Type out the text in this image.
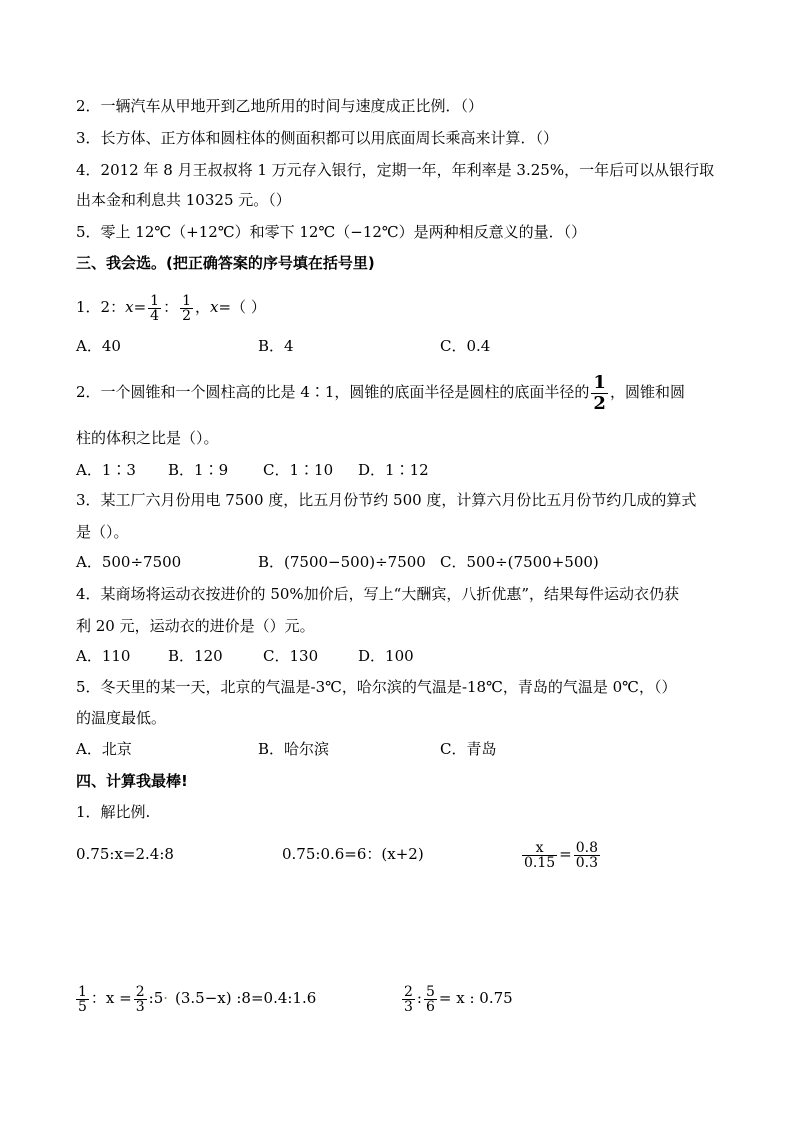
2．一辆汽车从甲地开到乙地所用的时间与速度成正比例．（）
3．长方体、正方体和圆柱体的侧面积都可以用底面周长乘高来计算．（）
4．2012 年 8 月王叔叔将 1 万元存入银行，定期一年，年利率是 3.25%，一年后可以从银行取
出本金和利息共 10325 元。（）
5．零上 12℃（+12℃）和零下 12℃（−12℃）是两种相反意义的量．（）
三、我会选。(把正确答案的序号填在括号里)
1．2：$x= \frac{1}{4}$ ： $\frac{1}{2}$ ，x=（ ）
A．40	B．4	C．0.4
2．一个圆锥和一个圆柱高的比是 4∶1，圆锥的底面半径是圆柱的底面半径的 $\frac{1}{2}$ ，圆锥和圆
柱的体积之比是（）。
A．1∶3 B．1∶9 C．1∶10 D．1∶12
3．某工厂六月份用电 7500 度，比五月份节约 500 度，计算六月份比五月份节约几成的算式
是（）。
A．500÷7500	B．(7500−500)÷7500 C．500÷(7500+500)
4．某商场将运动衣按进价的 50%加价后，写上“大酬宾，八折优惠”，结果每件运动衣仍获
利 20 元，运动衣的进价是（）元。
A．110	B．120	C．130	D．100
5．冬天里的某一天，北京的气温是-3℃，哈尔滨的气温是-18℃，青岛的气温是 0℃，（）
的温度最低。
A．北京	B．哈尔滨	C．青岛
四、计算我最棒!
1．解比例.
0.75:x=2.4:8	0.75:0.6=6：(x+2)	$\frac{x}{0.15} = \frac{0.8}{0.3}$
$\frac{1}{5}$ ：$x = \frac{2}{3}$ :5· (3.5−x) :8=0.4:1.6	$\frac{2}{3}$ : $\frac{5}{6} = x$ : 0.75
